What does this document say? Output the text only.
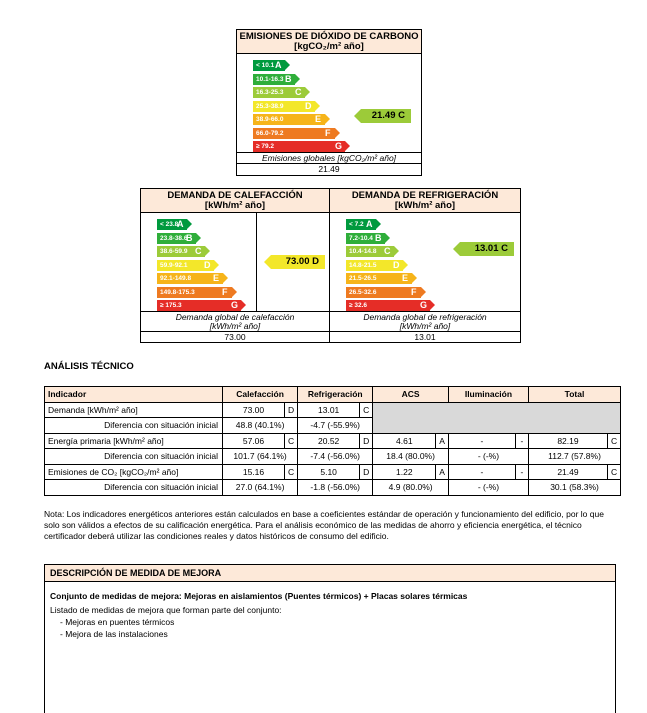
EMISIONES DE DIÓXIDO DE CARBONO
[kgCO₂/m² año]
< 10.1 A
10.1-16.3 B
16.3-25.3 C
25.3-38.9 D
38.9-66.0	E
66.0-79.2	F
≥ 79.2	G
21.49 C
Emisiones globales [kgCO₂/m² año]
21.49
DEMANDA DE CALEFACCIÓN
[kWh/m² año]
< 23.8
A
23.8-38.6
B
38.6-59.9 C
59.9-92.1 D
92.1-149.8 E
149.8-175.3	F
≥ 175.3	G
73.00 D
Demanda global de calefacción [kWh/m² año]
73.00
DEMANDA DE REFRIGERACIÓN
[kWh/m² año]
< 7.2 A
7.2-10.4 B
10.4-14.8 C
14.8-21.5 D
21.5-26.5	E
26.5-32.6	F
≥ 32.6	G
13.01 C
Demanda global de refrigeración [kWh/m² año]
13.01
ANÁLISIS TÉCNICO
Indicador	Calefacción		Refrigeración		ACS		Iluminación		Total	
Demanda [kWh/m² año]	73.00	D	13.01	C						
Diferencia con situación inicial	48.8 (40.1%)		-4.7 (-55.9%)							
Energía primaria [kWh/m² año]	57.06	C	20.52	D	4.61	A	-	-	82.19	C
Diferencia con situación inicial	101.7 (64.1%)		-7.4 (-56.0%)		18.4 (80.0%)		- (-%)		112.7 (57.8%)	
Emisiones de CO₂ [kgCO₂/m² año]	15.16	C	5.10	D	1.22	A	-	-	21.49	C
Diferencia con situación inicial	27.0 (64.1%)		-1.8 (-56.0%)		4.9 (80.0%)		- (-%)		30.1 (58.3%)	

Nota: Los indicadores energéticos anteriores están calculados en base a coeficientes estándar de operación y funcionamiento del edificio, por lo que solo son válidos a efectos de su calificación energética. Para el análisis económico de las medidas de ahorro y eficiencia energética, el técnico certificador deberá utilizar las condiciones reales y datos históricos de consumo del edificio.

DESCRIPCIÓN DE MEDIDA DE MEJORA
Conjunto de medidas de mejora: Mejoras en aislamientos (Puentes térmicos) + Placas solares térmicas
Listado de medidas de mejora que forman parte del conjunto:
- Mejoras en puentes térmicos
- Mejora de las instalaciones
